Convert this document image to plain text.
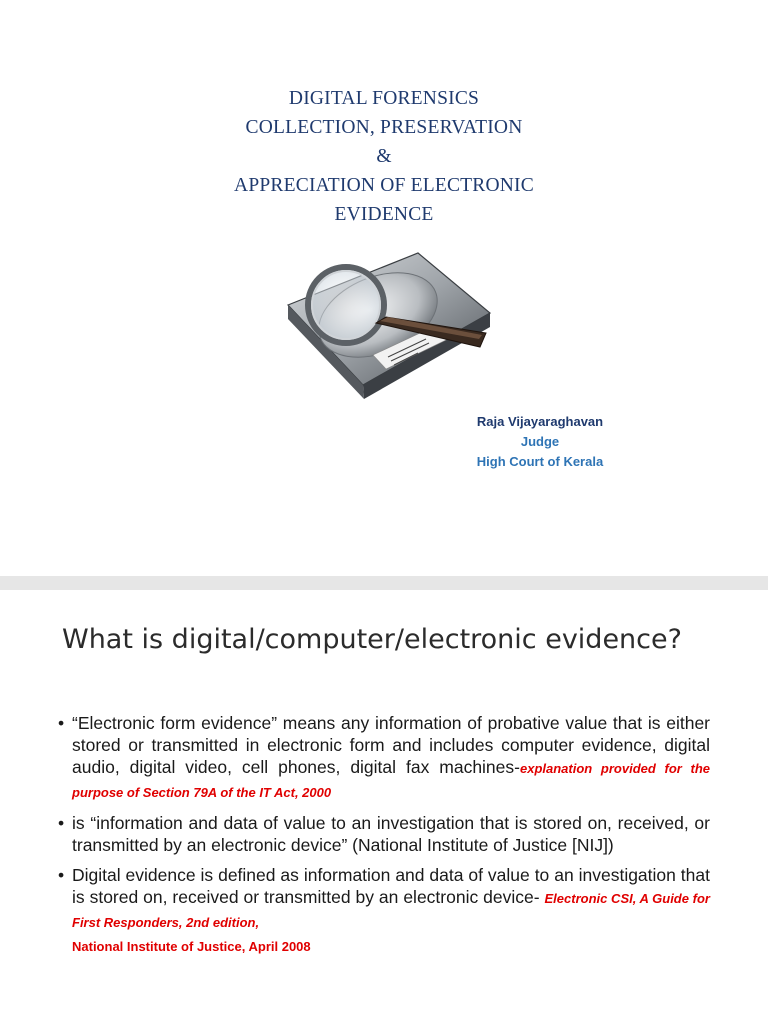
DIGITAL FORENSICS
COLLECTION, PRESERVATION
&
APPRECIATION OF ELECTRONIC
EVIDENCE
Raja Vijayaraghavan
Judge
High Court of Kerala
What is digital/computer/electronic evidence?
• “Electronic form evidence” means any information of probative value that is either stored or transmitted in electronic form and includes computer evidence, digital audio, digital video, cell phones, digital fax machines-explanation provided for the purpose of Section 79A of the IT Act, 2000
• is “information and data of value to an investigation that is stored on, received, or transmitted by an electronic device” (National Institute of Justice [NIJ])
• Digital evidence is defined as information and data of value to an investigation that is stored on, received or transmitted by an electronic device- Electronic CSI, A Guide for First Responders, 2nd edition,
National Institute of Justice, April 2008
